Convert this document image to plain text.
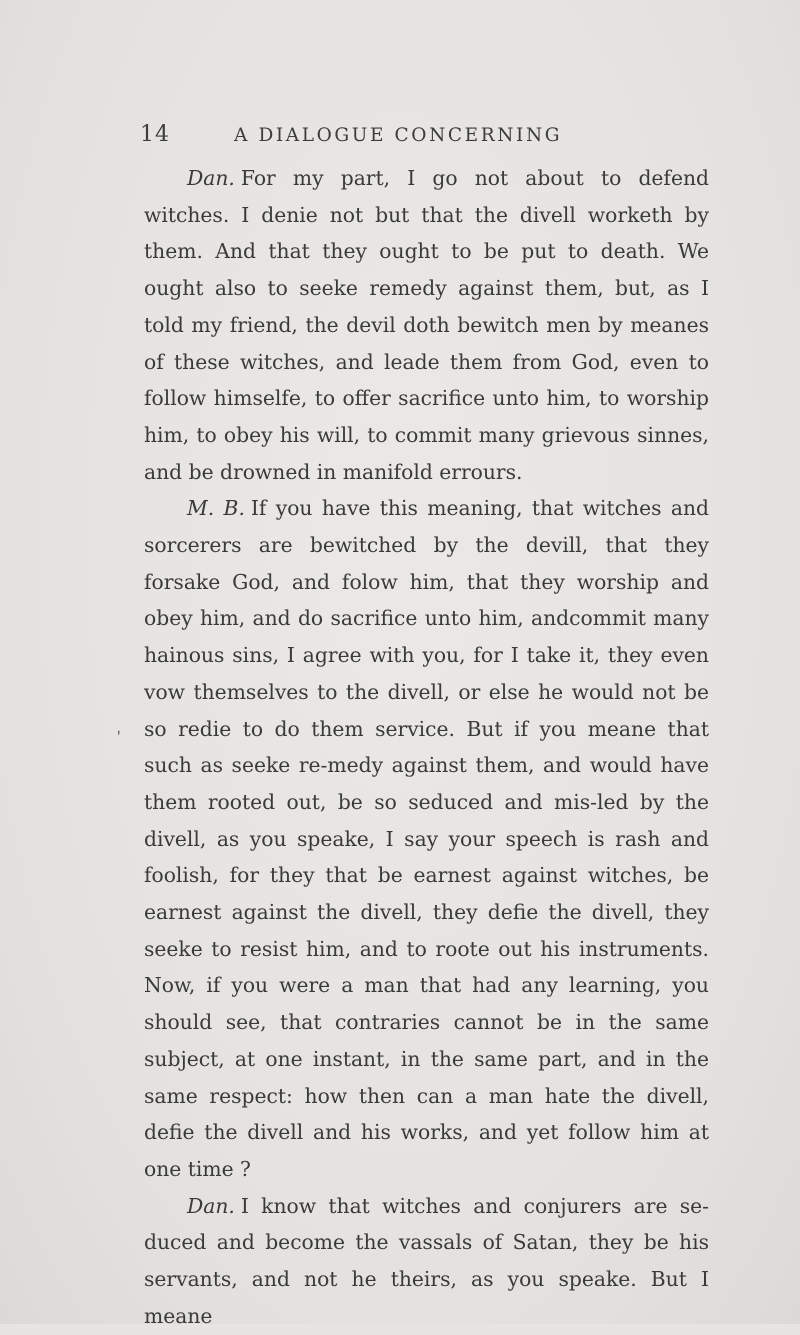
14	A DIALOGUE CONCERNING

Dan. For my part, I go not about to defend witches. I denie not but that the divell worketh by them. And that they ought to be put to death. We ought also to seeke remedy against them, but, as I told my friend, the devil doth bewitch men by meanes of these witches, and leade them from God, even to follow himselfe, to offer sacrifice unto him, to worship him, to obey his will, to commit many grievous sinnes, and be drowned in manifold errours.

M. B. If you have this meaning, that witches and sorcerers are bewitched by the devill, that they forsake God, and folow him, that they worship and obey him, and do sacrifice unto him, andcommit many hainous sins, I agree with you, for I take it, they even vow themselves to the divell, or else he would not be so redie to do them service. But if you meane that such as seeke re-medy against them, and would have them rooted out, be so seduced and mis-led by the divell, as you speake, I say your speech is rash and foolish, for they that be earnest against witches, be earnest against the divell, they defie the divell, they seeke to resist him, and to roote out his instruments. Now, if you were a man that had any learning, you should see, that contraries cannot be in the same subject, at one instant, in the same part, and in the same respect: how then can a man hate the divell, defie the divell and his works, and yet follow him at one time ?

Dan. I know that witches and conjurers are se-duced and become the vassals of Satan, they be his servants, and not he theirs, as you speake. But I meane

⸴
